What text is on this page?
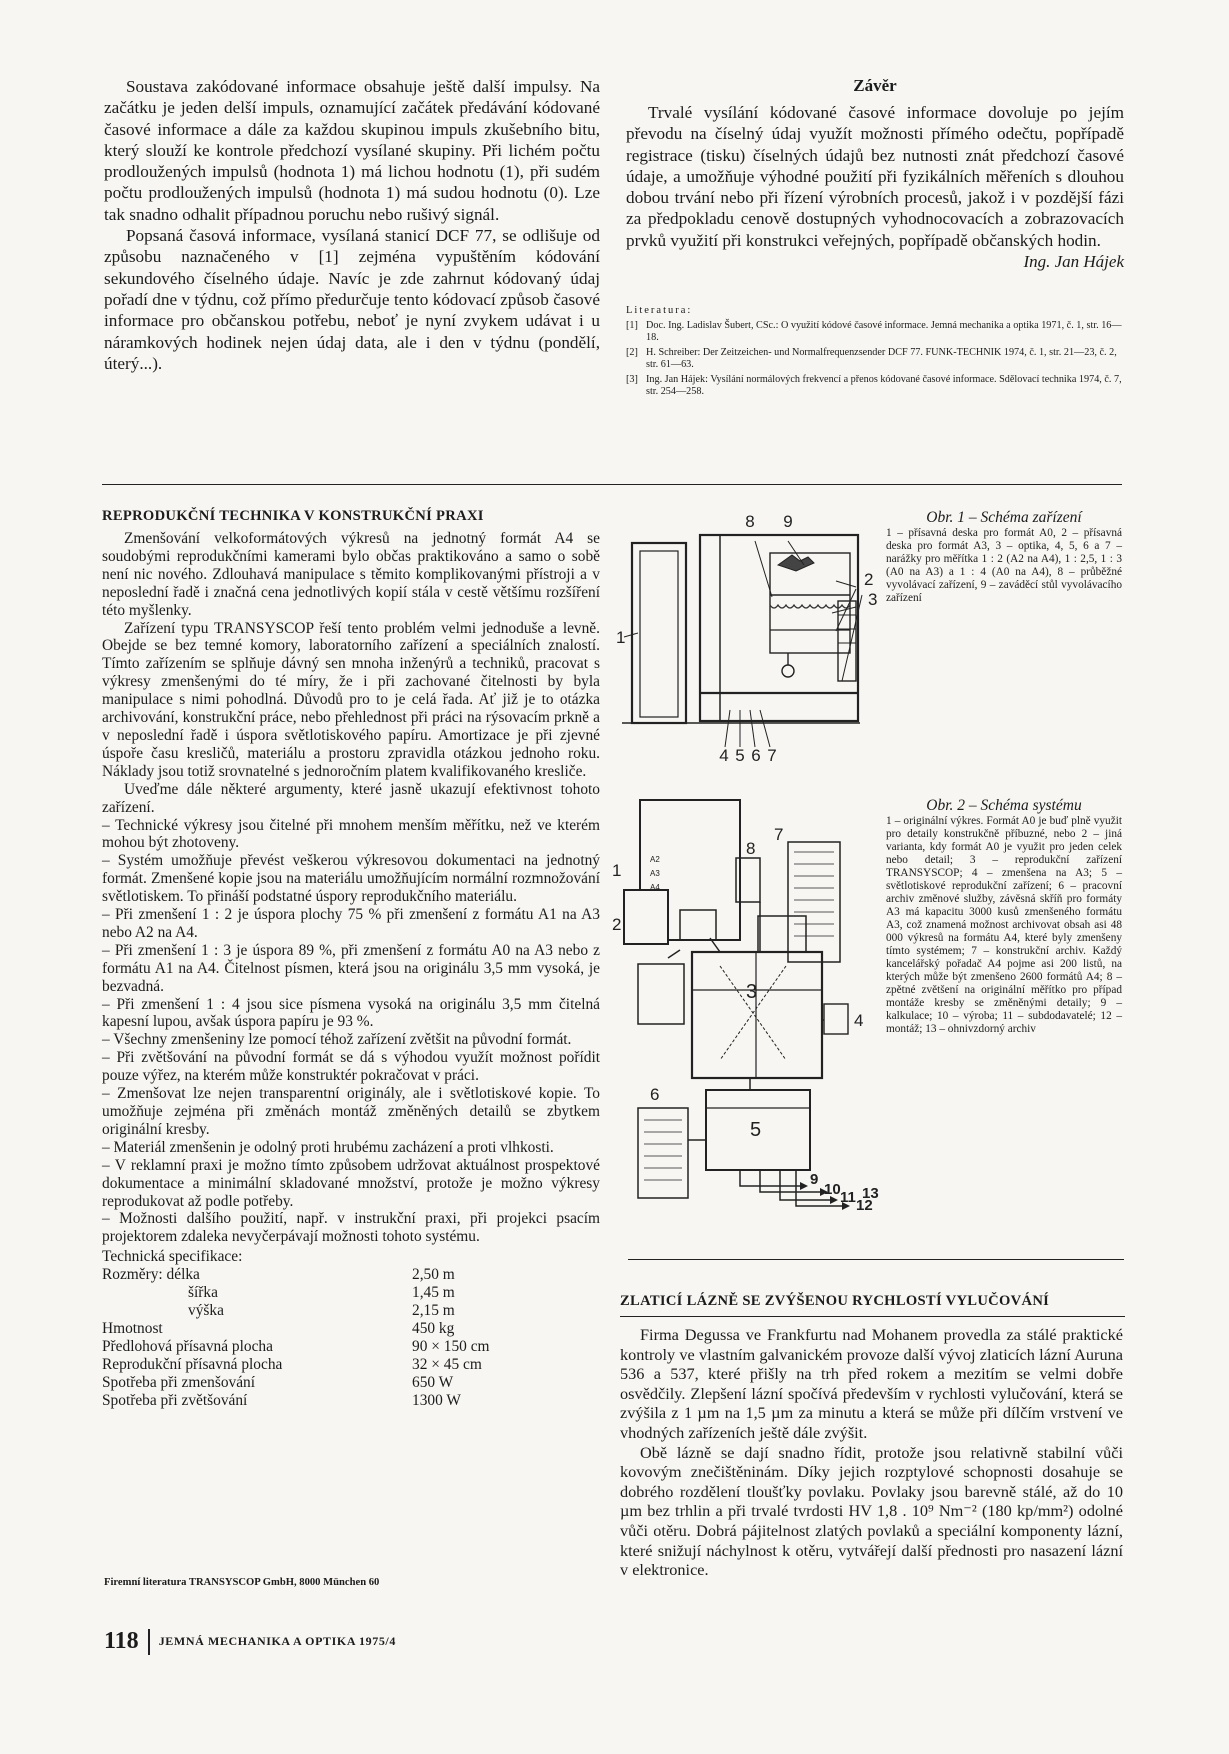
Soustava zakódované informace obsahuje ještě další impulsy. Na začátku je jeden delší impuls, oznamující začátek předávání kódované časové informace a dále za každou skupinou impuls zkušebního bitu, který slouží ke kontrole předchozí vysílané skupiny. Při lichém počtu prodloužených impulsů (hodnota 1) má lichou hodnotu (1), při sudém počtu prodloužených impulsů (hodnota 1) má sudou hodnotu (0). Lze tak snadno odhalit případnou poruchu nebo rušivý signál.

Popsaná časová informace, vysílaná stanicí DCF 77, se odlišuje od způsobu naznačeného v [1] zejména vypuštěním kódování sekundového číselného údaje. Navíc je zde zahrnut kódovaný údaj pořadí dne v týdnu, což přímo předurčuje tento kódovací způsob časové informace pro občanskou potřebu, neboť je nyní zvykem udávat i u náramkových hodinek nejen údaj data, ale i den v týdnu (pondělí, úterý...).

Závěr

Trvalé vysílání kódované časové informace dovoluje po jejím převodu na číselný údaj využít možnosti přímého odečtu, popřípadě registrace (tisku) číselných údajů bez nutnosti znát předchozí časové údaje, a umožňuje výhodné použití při fyzikálních měřeních s dlouhou dobou trvání nebo při řízení výrobních procesů, jakož i v pozdější fázi za předpokladu cenově dostupných vyhodnocovacích a zobrazovacích prvků využití při konstrukci veřejných, popřípadě občanských hodin.

Ing. Jan Hájek
Literatura:
[1] Doc. Ing. Ladislav Šubert, CSc.: O využití kódové časové informace. Jemná mechanika a optika 1971, č. 1, str. 16—18.
[2] H. Schreiber: Der Zeitzeichen- und Normalfrequenzsender DCF 77. FUNK-TECHNIK 1974, č. 1, str. 21—23, č. 2, str. 61—63.
[3] Ing. Jan Hájek: Vysílání normálových frekvencí a přenos kódované časové informace. Sdělovací technika 1974, č. 7, str. 254—258.
REPRODUKČNÍ TECHNIKA V KONSTRUKČNÍ PRAXI

Zmenšování velkoformátových výkresů na jednotný formát A4 se soudobými reprodukčními kamerami bylo občas praktikováno a samo o sobě není nic nového. Zdlouhavá manipulace s těmito komplikovanými přístroji a v neposlední řadě i značná cena jednotlivých kopií stála v cestě většímu rozšíření této myšlenky.

Zařízení typu TRANSYSCOP řeší tento problém velmi jednoduše a levně. Obejde se bez temné komory, laboratorního zařízení a speciálních znalostí. Tímto zařízením se splňuje dávný sen mnoha inženýrů a techniků, pracovat s výkresy zmenšenými do té míry, že i při zachované čitelnosti by byla manipulace s nimi pohodlná. Důvodů pro to je celá řada. Ať již je to otázka archivování, konstrukční práce, nebo přehlednost při práci na rýsovacím prkně a v neposlední řadě i úspora světlotiskového papíru. Amortizace je při zjevné úspoře času kresličů, materiálu a prostoru zpravidla otázkou jednoho roku. Náklady jsou totiž srovnatelné s jednoročním platem kvalifikovaného kresliče.

Uveďme dále některé argumenty, které jasně ukazují efektivnost tohoto zařízení.

– Technické výkresy jsou čitelné při mnohem menším měřítku, než ve kterém mohou být zhotoveny.

– Systém umožňuje převést veškerou výkresovou dokumentaci na jednotný formát. Zmenšené kopie jsou na materiálu umožňujícím normální rozmnožování světlotiskem. To přináší podstatné úspory reprodukčního materiálu.

– Při zmenšení 1 : 2 je úspora plochy 75 % při zmenšení z formátu A1 na A3 nebo A2 na A4.

– Při zmenšení 1 : 3 je úspora 89 %, při zmenšení z formátu A0 na A3 nebo z formátu A1 na A4. Čitelnost písmen, která jsou na originálu 3,5 mm vysoká, je bezvadná.

– Při zmenšení 1 : 4 jsou sice písmena vysoká na originálu 3,5 mm čitelná kapesní lupou, avšak úspora papíru je 93 %.

– Všechny zmenšeniny lze pomocí téhož zařízení zvětšit na původní formát.

– Při zvětšování na původní formát se dá s výhodou využít možnost pořídit pouze výřez, na kterém může konstruktér pokračovat v práci.

– Zmenšovat lze nejen transparentní originály, ale i světlotiskové kopie. To umožňuje zejména při změnách montáž změněných detailů se zbytkem originální kresby.

– Materiál zmenšenin je odolný proti hrubému zacházení a proti vlhkosti.

– V reklamní praxi je možno tímto způsobem udržovat aktuálnost prospektové dokumentace a minimální skladované množství, protože je možno výkresy reprodukovat až podle potřeby.

– Možnosti dalšího použití, např. v instrukční praxi, při projekci psacím projektorem zdaleka nevyčerpávají možnosti tohoto systému.

Technická specifikace:
Rozměry: délka	2,50 m
šířka	1,45 m
výška	2,15 m
Hmotnost	450 kg
Předlohová přísavná plocha	90 × 150 cm
Reprodukční přísavná plocha	32 × 45 cm
Spotřeba při zmenšování	650 W
Spotřeba při zvětšování	1300 W
Firemní literatura TRANSYSCOP GmbH, 8000 München 60
8 9
1
2
3
4 5 6 7
Obr. 1 – Schéma zařízení
1 – přísavná deska pro formát A0, 2 – přísavná deska pro formát A3, 3 – optika, 4, 5, 6 a 7 – narážky pro měřítka 1 : 2 (A2 na A4), 1 : 2,5, 1 : 3 (A0 na A3) a 1 : 4 (A0 na A4), 8 – průběžné vyvolávací zařízení, 9 – zaváděcí stůl vyvolávacího zařízení
A2
A3
A4
1
2
3
4
5
6
7
8
9
10 11 12
13
Obr. 2 – Schéma systému
1 – originální výkres. Formát A0 je buď plně využit pro detaily konstrukčně příbuzné, nebo 2 – jiná varianta, kdy formát A0 je využit pro jeden celek nebo detail; 3 – reprodukční zařízení TRANSYSCOP; 4 – zmenšena na A3; 5 – světlotiskové reprodukční zařízení; 6 – pracovní archiv změnové služby, závěsná skříň pro formáty A3 má kapacitu 3000 kusů zmenšeného formátu A3, což znamená možnost archivovat obsah asi 48 000 výkresů na formátu A4, které byly zmenšeny tímto systémem; 7 – konstrukční archiv. Každý kancelářský pořadač A4 pojme asi 200 listů, na kterých může být zmenšeno 2600 formátů A4; 8 – zpětné zvětšení na originální měřítko pro případ montáže kresby se změněnými detaily; 9 – kalkulace; 10 – výroba; 11 – subdodavatelé; 12 – montáž; 13 – ohnivzdorný archiv
ZLATICÍ LÁZNĚ SE ZVÝŠENOU RYCHLOSTÍ VYLUČOVÁNÍ

Firma Degussa ve Frankfurtu nad Mohanem provedla za stálé praktické kontroly ve vlastním galvanickém provoze další vývoj zlaticích lázní Auruna 536 a 537, které přišly na trh před rokem a mezitím se velmi dobře osvědčily. Zlepšení lázní spočívá především v rychlosti vylučování, která se zvýšila z 1 µm na 1,5 µm za minutu a která se může při dílčím vrstvení ve vhodných zařízeních ještě dále zvýšit.

Obě lázně se dají snadno řídit, protože jsou relativně stabilní vůči kovovým znečištěninám. Díky jejich rozptylové schopnosti dosahuje se dobrého rozdělení tloušťky povlaku. Povlaky jsou barevně stálé, až do 10 µm bez trhlin a při trvalé tvrdosti HV 1,8 . 10⁹ Nm⁻² (180 kp/mm²) odolné vůči otěru. Dobrá pájitelnost zlatých povlaků a speciální komponenty lázní, které snižují náchylnost k otěru, vytvářejí další přednosti pro nasazení lázní v elektronice.

118 JEMNÁ MECHANIKA A OPTIKA 1975/4
